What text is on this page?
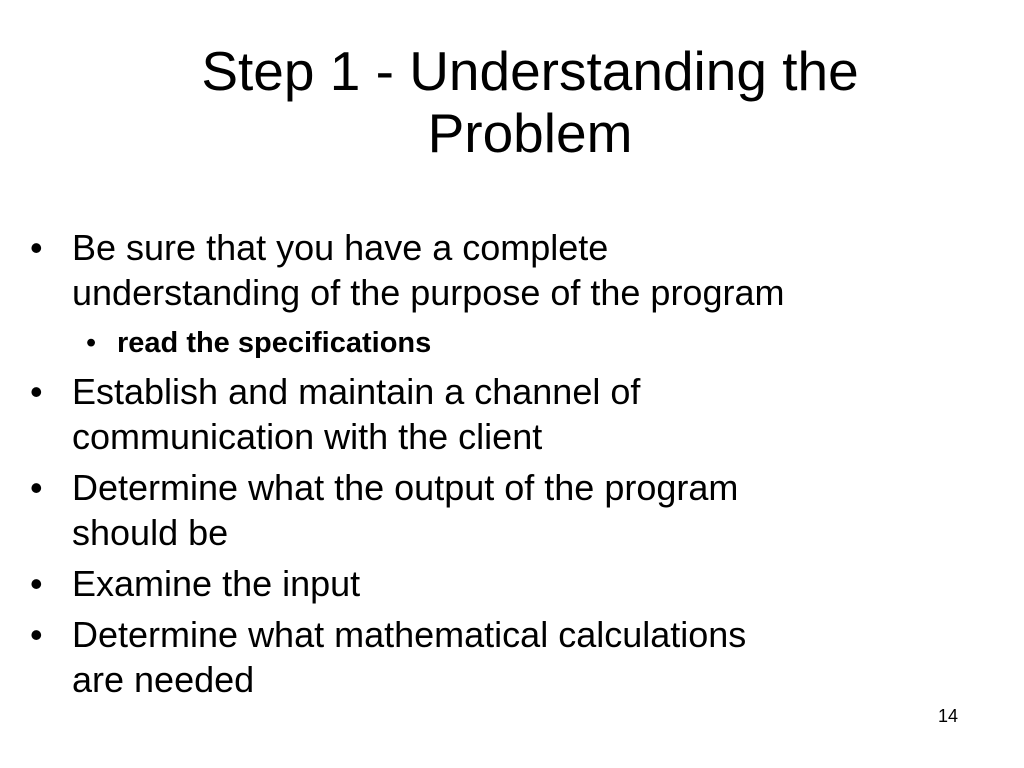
Step 1 - Understanding the
Problem
• Be sure that you have a complete
understanding of the purpose of the program
• read the specifications
• Establish and maintain a channel of
communication with the client
• Determine what the output of the program
should be
• Examine the input
• Determine what mathematical calculations
are needed
14
